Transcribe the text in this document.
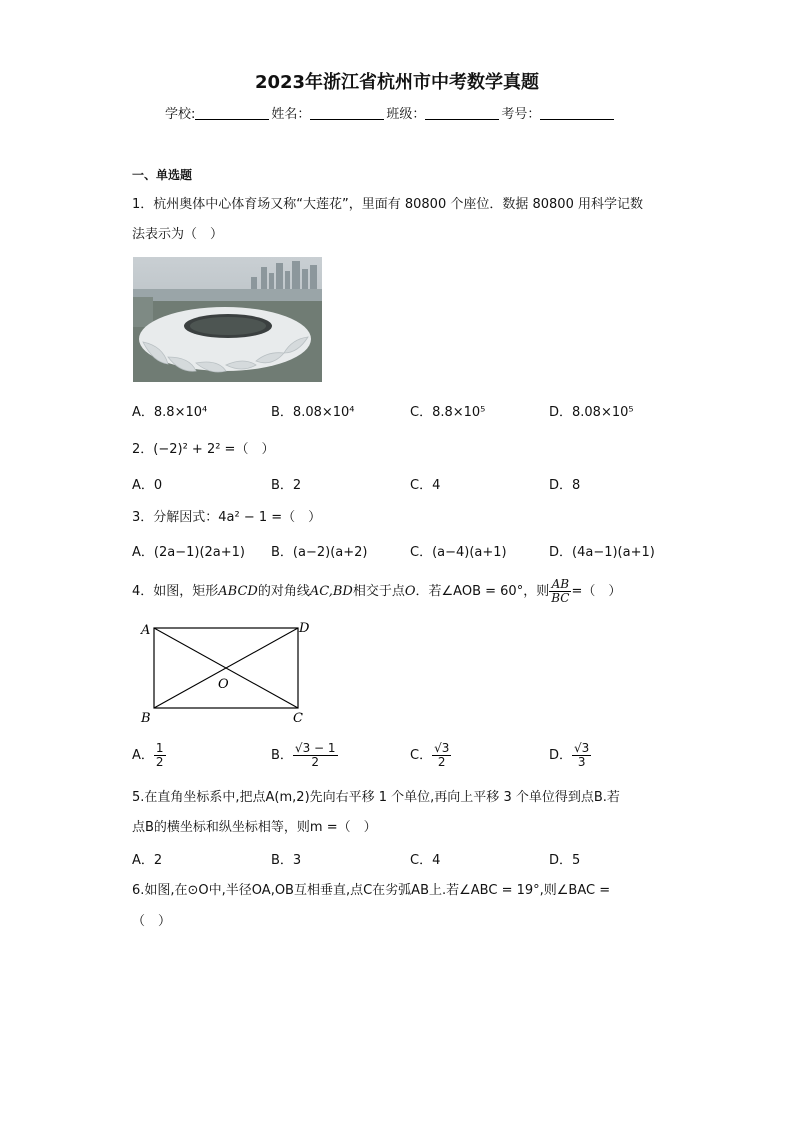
2023年浙江省杭州市中考数学真题
学校:	姓名：	班级：	考号：
一、单选题
1．杭州奥体中心体育场又称“大莲花”，里面有 80800 个座位．数据 80800 用科学记数
法表示为（　）
A．8.8×10⁴	B．8.08×10⁴	C．8.8×10⁵	D．8.08×10⁵
2．(−2)² + 2² =（　）
A．0	B．2	C．4	D．8
3．分解因式：4a² − 1 =（　）
A．(2a−1)(2a+1) B．(a−2)(a+2)	C．(a−4)(a+1)	D．(4a−1)(a+1)
4．如图，矩形ABCD的对角线AC,BD相交于点O．若∠AOB = 60°，则 $\frac{AB}{BC}$ =（　）
A	D
B	C
O
A． $\frac{1}{2}$	B． $\frac{√3 - 1}{2}$	C． $\frac{√3}{2}$	D． $\frac{√3}{3}$
5.在直角坐标系中,把点A(m,2)先向右平移 1 个单位,再向上平移 3 个单位得到点B.若
点B的横坐标和纵坐标相等，则m =（　）
A．2	B．3	C．4	D．5
6.如图,在⊙O中,半径OA,OB互相垂直,点C在劣弧AB上.若∠ABC = 19°,则∠BAC =
（　）
